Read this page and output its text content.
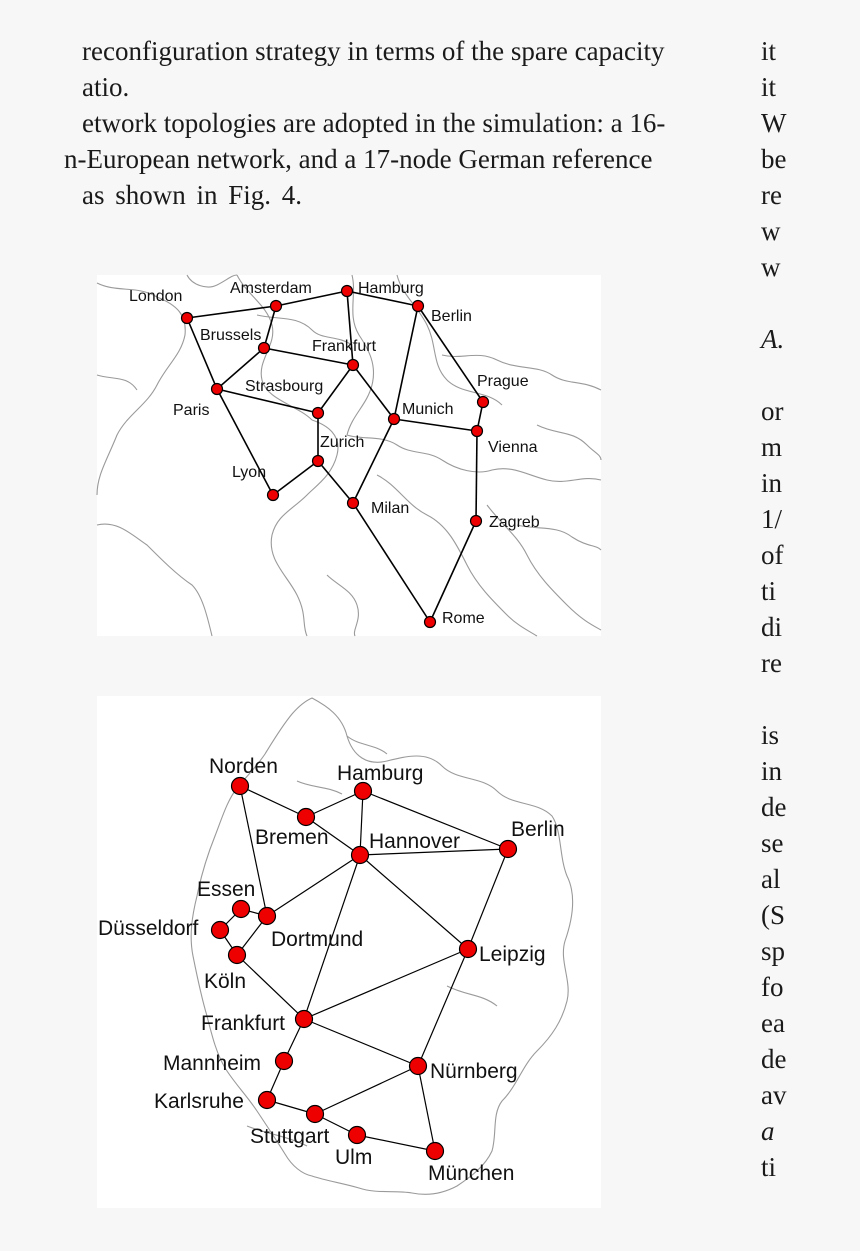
reconfiguration strategy in terms of the spare capacity
atio.
etwork topologies are adopted in the simulation: a 16-
n-European network, and a 17-node German reference
as shown in Fig. 4.
it
it
W
be
re
w
w
A.
or
m
in
1/
of
ti
di
re
is
in
de
se
al
(S
sp
fo
ea
de
av
a
ti
London	Amsterdam	Hamburg
Berlin
Brussels
Frankfurt
Paris
Strasbourg	Prague
Munich
Zurich	Vienna
Lyon
Milan
Zagreb
Rome
Norden	Hamburg
Bremen	Berlin
Hannover
Essen
Düsseldorf	Dortmund
Leipzig
Köln
Frankfurt
Mannheim	Nürnberg
Karlsruhe
Stuttgart
Ulm
München
